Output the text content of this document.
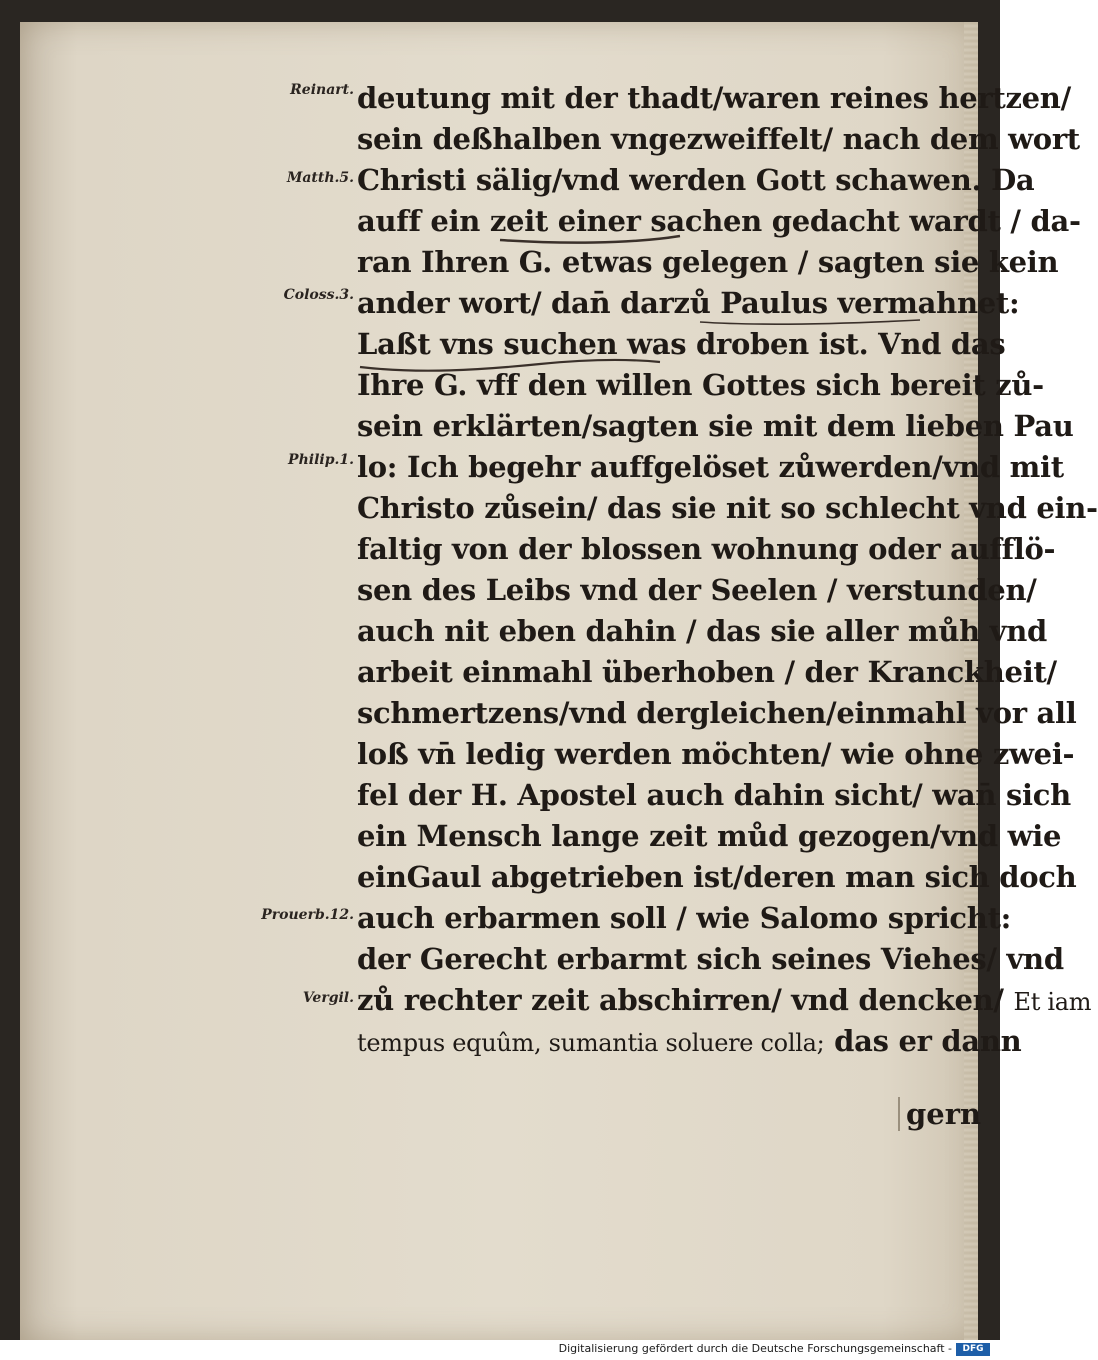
Reinart.
Matth.5.
Coloss.3.
Philip.1.
Prouerb.12.
Vergil.
deutung mit der thadt/waren reines hertzen/
sein deßhalben vngezweiffelt/ nach dem wort
Christi sälig/vnd werden Gott schawen. Da
auff ein zeit einer sachen gedacht wardt / da-
ran Ihren G. etwas gelegen / sagten sie kein
ander wort/ dan̄ darzů Paulus vermahnet:
Laßt vns suchen was droben ist. Vnd das
Ihre G. vff den willen Gottes sich bereit zů-
sein erklärten/sagten sie mit dem lieben Pau
lo: Ich begehr auffgelöset zůwerden/vnd mit
Christo zůsein/ das sie nit so schlecht vnd ein-
faltig von der blossen wohnung oder aufflö-
sen des Leibs vnd der Seelen / verstunden/
auch nit eben dahin / das sie aller můh vnd
arbeit einmahl überhoben / der Kranckheit/
schmertzens/vnd dergleichen/einmahl vor all
loß vn̄ ledig werden möchten/ wie ohne zwei-
fel der H. Apostel auch dahin sicht/ wan̄ sich
ein Mensch lange zeit můd gezogen/vnd wie
einGaul abgetrieben ist/deren man sich doch
auch erbarmen soll / wie Salomo spricht:
der Gerecht erbarmt sich seines Viehes/ vnd
zů rechter zeit abschirren/ vnd dencken/ Et iam
tempus equûm, sumantia soluere colla; das er dann
gern
Digitalisierung gefördert durch die Deutsche Forschungsgemeinschaft -	DFG
